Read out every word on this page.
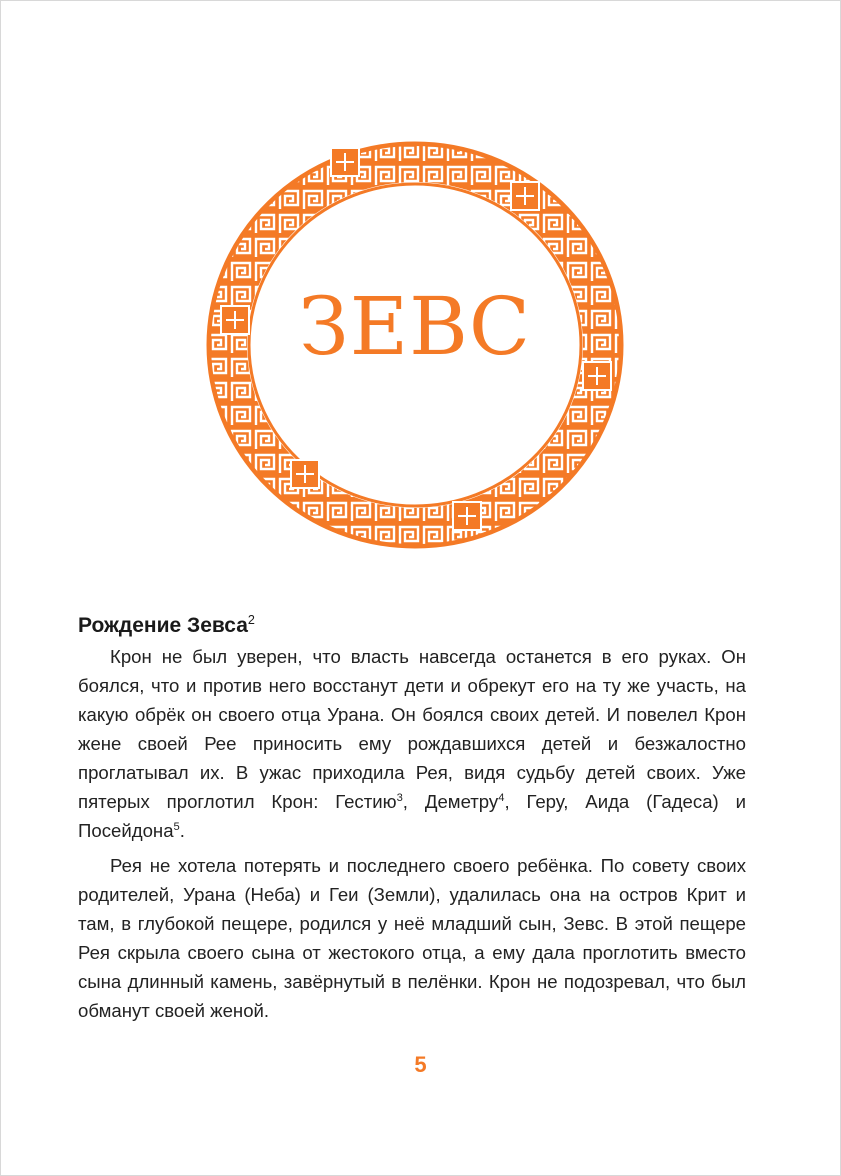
ЗЕВС
Рождение Зевса$^2$

Крон не был уверен, что власть навсегда останется в его руках. Он боялся, что и против него восстанут дети и обрекут его на ту же участь, на какую обрёк он своего отца Урана. Он боялся своих детей. И повелел Крон жене своей Рее приносить ему рождавшихся детей и безжалостно проглатывал их. В ужас приходила Рея, видя судьбу детей своих. Уже пятерых проглотил Крон: Гестию$^3$, Деметру$^4$, Геру, Аида (Гадеса) и Посейдона$^5$.

Рея не хотела потерять и последнего своего ребёнка. По совету своих родителей, Урана (Неба) и Геи (Земли), удалилась она на остров Крит и там, в глубокой пещере, родился у неё младший сын, Зевс. В этой пещере Рея скрыла своего сына от жестокого отца, а ему дала проглотить вместо сына длинный камень, завёрнутый в пелёнки. Крон не подозревал, что был обманут своей женой.

5
